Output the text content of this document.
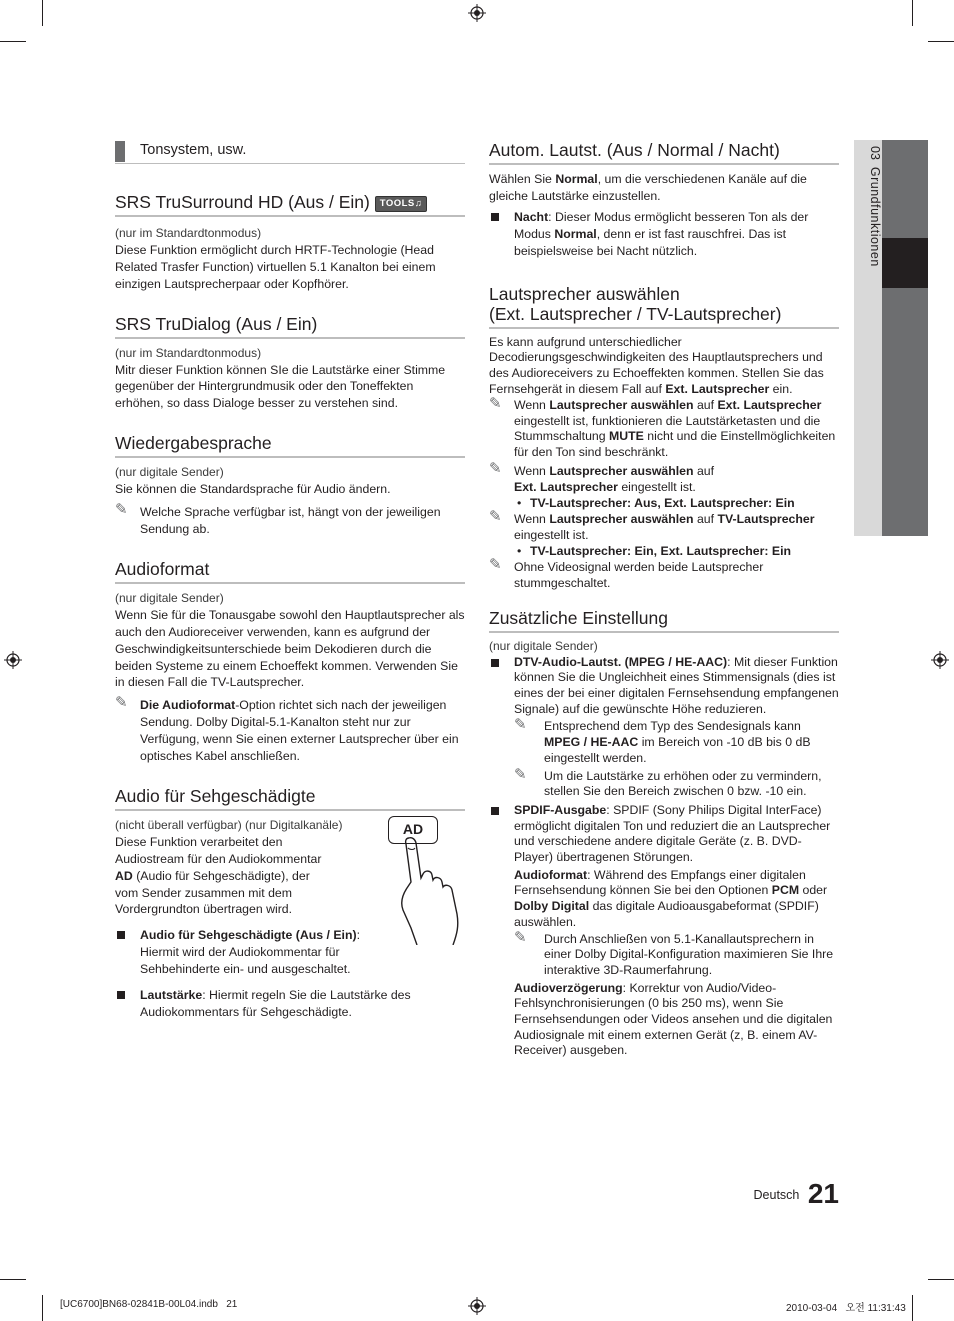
03  Grundfunktionen
Tonsystem, usw.
SRS TruSurround HD (Aus / Ein) TOOLS♫
(nur im Standardtonmodus)

Diese Funktion ermöglicht durch HRTF-Technologie (Head Related Trasfer Function) virtuellen 5.1 Kanalton bei einem einzigen Lautsprecherpaar oder Kopfhörer.

SRS TruDialog (Aus / Ein)
(nur im Standardtonmodus)

Mitr dieser Funktion können SIe die Lautstärke einer Stimme gegenüber der Hintergrundmusik oder den Toneffekten erhöhen, so dass Dialoge besser zu verstehen sind.

Wiedergabesprache
(nur digitale Sender)

Sie können die Standardsprache für Audio ändern.

✎ Welche Sprache verfügbar ist, hängt von der jeweiligen Sendung ab.
Audioformat
(nur digitale Sender)

Wenn Sie für die Tonausgabe sowohl den Hauptlautsprecher als auch den Audioreceiver verwenden, kann es aufgrund der Geschwindigkeitsunterschiede beim Dekodieren durch die beiden Systeme zu einem Echoeffekt kommen. Verwenden Sie in diesen Fall die TV-Lautsprecher.

✎ Die Audioformat-Option richtet sich nach der jeweiligen Sendung. Dolby Digital-5.1-Kanalton steht nur zur Verfügung, wenn Sie einen externer Lautsprecher über ein optisches Kabel anschließen.
Audio für Sehgeschädigte
(nicht überall verfügbar) (nur Digitalkanäle)

Diese Funktion verarbeitet den Audiostream für den Audiokommentar AD (Audio für Sehgeschädigte), der vom Sender zusammen mit dem Vordergrundton übertragen wird.

AD
Audio für Sehgeschädigte (Aus / Ein): Hiermit wird der Audiokommentar für Sehbehinderte ein- und ausgeschaltet.
Lautstärke: Hiermit regeln Sie die Lautstärke des Audiokommentars für Sehgeschädigte.
Autom. Lautst. (Aus / Normal / Nacht)

Wählen Sie Normal, um die verschiedenen Kanäle auf die gleiche Lautstärke einzustellen.

Nacht: Dieser Modus ermöglicht besseren Ton als der Modus Normal, denn er ist fast rauschfrei. Das ist beispielsweise bei Nacht nützlich.
Lautsprecher auswählen
(Ext. Lautsprecher / TV-Lautsprecher)

Es kann aufgrund unterschiedlicher Decodierungsgeschwindigkeiten des Hauptlautsprechers und des Audioreceivers zu Echoeffekten kommen. Stellen Sie das Fernsehgerät in diesem Fall auf Ext. Lautsprecher ein.

✎ Wenn Lautsprecher auswählen auf Ext. Lautsprecher eingestellt ist, funktionieren die Lautstärketasten und die Stummschaltung MUTE nicht und die Einstellmöglichkeiten für den Ton sind beschränkt.
✎ Wenn Lautsprecher auswählen auf
Ext. Lautsprecher eingestellt ist.
• TV-Lautsprecher: Aus, Ext. Lautsprecher: Ein
✎ Wenn Lautsprecher auswählen auf TV-Lautsprecher eingestellt ist.
• TV-Lautsprecher: Ein, Ext. Lautsprecher: Ein
✎ Ohne Videosignal werden beide Lautsprecher stummgeschaltet.
Zusätzliche Einstellung
(nur digitale Sender)
DTV-Audio-Lautst. (MPEG / HE-AAC): Mit dieser Funktion können Sie die Ungleichheit eines Stimmensignals (dies ist eines der bei einer digitalen Fernsehsendung empfangenen Signale) auf die gewünschte Höhe reduzieren.
✎ Entsprechend dem Typ des Sendesignals kann MPEG / HE-AAC im Bereich von -10 dB bis 0 dB eingestellt werden.
✎ Um die Lautstärke zu erhöhen oder zu vermindern, stellen Sie den Bereich zwischen 0 bzw. -10 ein.
SPDIF-Ausgabe: SPDIF (Sony Philips Digital InterFace) ermöglicht digitalen Ton und reduziert die an Lautsprecher und verschiedene andere digitale Geräte (z. B. DVD-Player) übertragenen Störungen.
Audioformat: Während des Empfangs einer digitalen Fernsehsendung können Sie bei den Optionen PCM oder Dolby Digital das digitale Audioausgabeformat (SPDIF) auswählen.
✎ Durch Anschließen von 5.1-Kanallautsprechern in einer Dolby Digital-Konfiguration maximieren Sie Ihre interaktive 3D-Raumerfahrung.
Audioverzögerung: Korrektur von Audio/Video-Fehlsynchronisierungen (0 bis 250 ms), wenn Sie Fernsehsendungen oder Videos ansehen und die digitalen Audiosignale mit einem externen Gerät (z, B. einem AV-Receiver) ausgeben.
$^{Deutsch}$ 21
[UC6700]BN68-02841B-00L04.indb   21	2010-03-04   오전 11:31:43
